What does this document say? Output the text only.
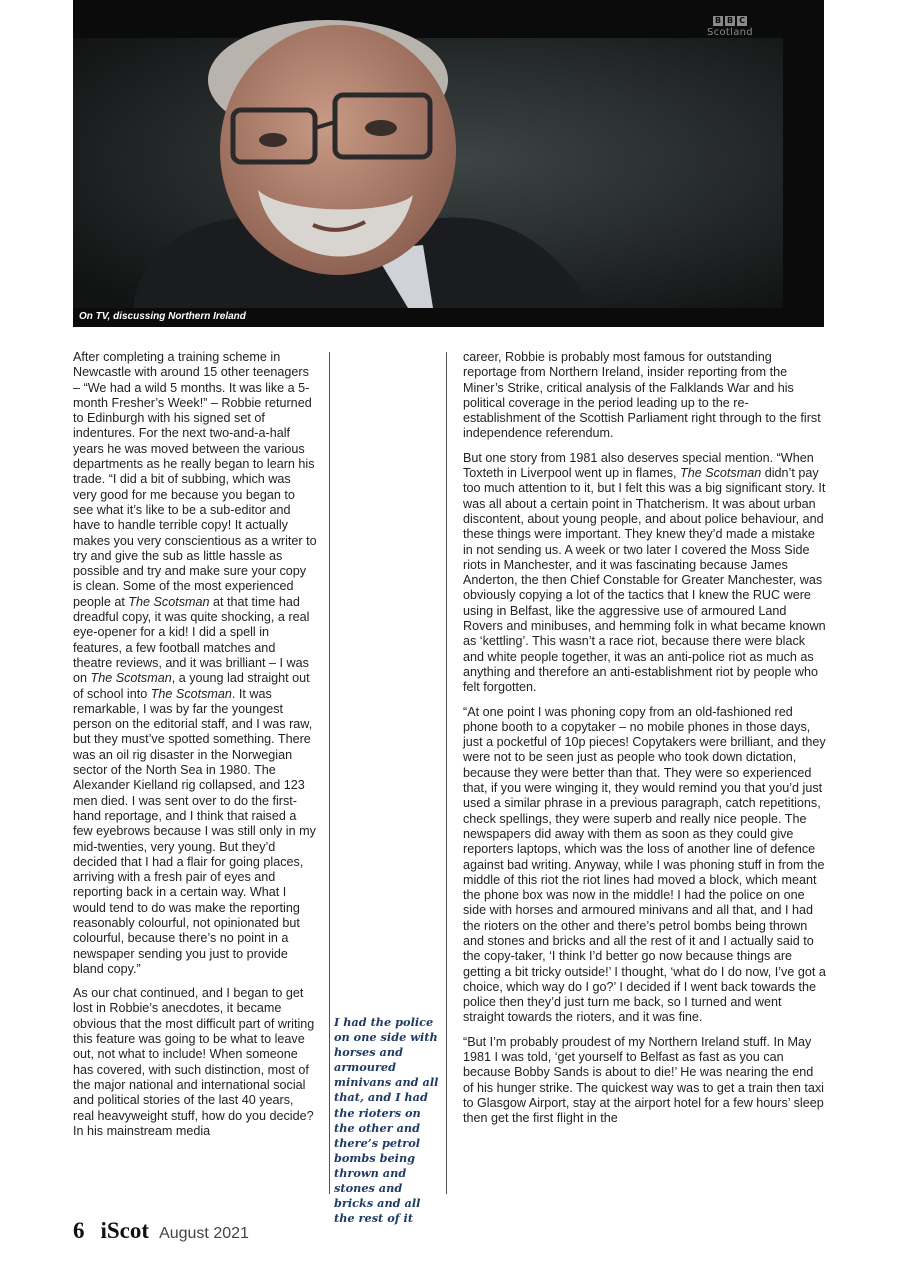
B B C
Scotland
On TV, discussing Northern Ireland

After completing a training scheme in Newcastle with around 15 other teenagers – “We had a wild 5 months. It was like a 5-month Fresher’s Week!” – Robbie returned to Edinburgh with his signed set of indentures. For the next two-and-a-half years he was moved between the various departments as he really began to learn his trade. “I did a bit of subbing, which was very good for me because you began to see what it’s like to be a sub-editor and have to handle terrible copy! It actually makes you very conscientious as a writer to try and give the sub as little hassle as possible and try and make sure your copy is clean. Some of the most experienced people at The Scotsman at that time had dreadful copy, it was quite shocking, a real eye-opener for a kid! I did a spell in features, a few football matches and theatre reviews, and it was brilliant – I was on The Scotsman, a young lad straight out of school into The Scotsman. It was remarkable, I was by far the youngest person on the editorial staff, and I was raw, but they must’ve spotted something. There was an oil rig disaster in the Norwegian sector of the North Sea in 1980. The Alexander Kielland rig collapsed, and 123 men died. I was sent over to do the first-hand reportage, and I think that raised a few eyebrows because I was still only in my mid-twenties, very young. But they’d decided that I had a flair for going places, arriving with a fresh pair of eyes and reporting back in a certain way. What I would tend to do was make the reporting reasonably colourful, not opinionated but colourful, because there’s no point in a newspaper sending you just to provide bland copy.”

As our chat continued, and I began to get lost in Robbie’s anecdotes, it became obvious that the most difficult part of writing this feature was going to be what to leave out, not what to include! When someone has covered, with such distinction, most of the major national and international social and political stories of the last 40 years, real heavyweight stuff, how do you decide? In his mainstream media

I had the police on one side with horses and armoured minivans and all that, and I had the rioters on the other and there’s petrol bombs being thrown and stones and bricks and all the rest of it

career, Robbie is probably most famous for outstanding reportage from Northern Ireland, insider reporting from the Miner’s Strike, critical analysis of the Falklands War and his political coverage in the period leading up to the re-establishment of the Scottish Parliament right through to the first independence referendum.

But one story from 1981 also deserves special mention. “When Toxteth in Liverpool went up in flames, The Scotsman didn’t pay too much attention to it, but I felt this was a big significant story. It was all about a certain point in Thatcherism. It was about urban discontent, about young people, and about police behaviour, and these things were important. They knew they’d made a mistake in not sending us. A week or two later I covered the Moss Side riots in Manchester, and it was fascinating because James Anderton, the then Chief Constable for Greater Manchester, was obviously copying a lot of the tactics that I knew the RUC were using in Belfast, like the aggressive use of armoured Land Rovers and minibuses, and hemming folk in what became known as ‘kettling’. This wasn’t a race riot, because there were black and white people together, it was an anti-police riot as much as anything and therefore an anti-establishment riot by people who felt forgotten.

“At one point I was phoning copy from an old-fashioned red phone booth to a copytaker – no mobile phones in those days, just a pocketful of 10p pieces! Copytakers were brilliant, and they were not to be seen just as people who took down dictation, because they were better than that. They were so experienced that, if you were winging it, they would remind you that you’d just used a similar phrase in a previous paragraph, catch repetitions, check spellings, they were superb and really nice people. The newspapers did away with them as soon as they could give reporters laptops, which was the loss of another line of defence against bad writing. Anyway, while I was phoning stuff in from the middle of this riot the riot lines had moved a block, which meant the phone box was now in the middle! I had the police on one side with horses and armoured minivans and all that, and I had the rioters on the other and there’s petrol bombs being thrown and stones and bricks and all the rest of it and I actually said to the copy-taker, ‘I think I’d better go now because things are getting a bit tricky outside!’ I thought, ‘what do I do now, I’ve got a choice, which way do I go?’ I decided if I went back towards the police then they’d just turn me back, so I turned and went straight towards the rioters, and it was fine.

“But I’m probably proudest of my Northern Ireland stuff. In May 1981 I was told, ‘get yourself to Belfast as fast as you can because Bobby Sands is about to die!’ He was nearing the end of his hunger strike. The quickest way was to get a train then taxi to Glasgow Airport, stay at the airport hotel for a few hours’ sleep then get the first flight in the

6 iScot August 2021
